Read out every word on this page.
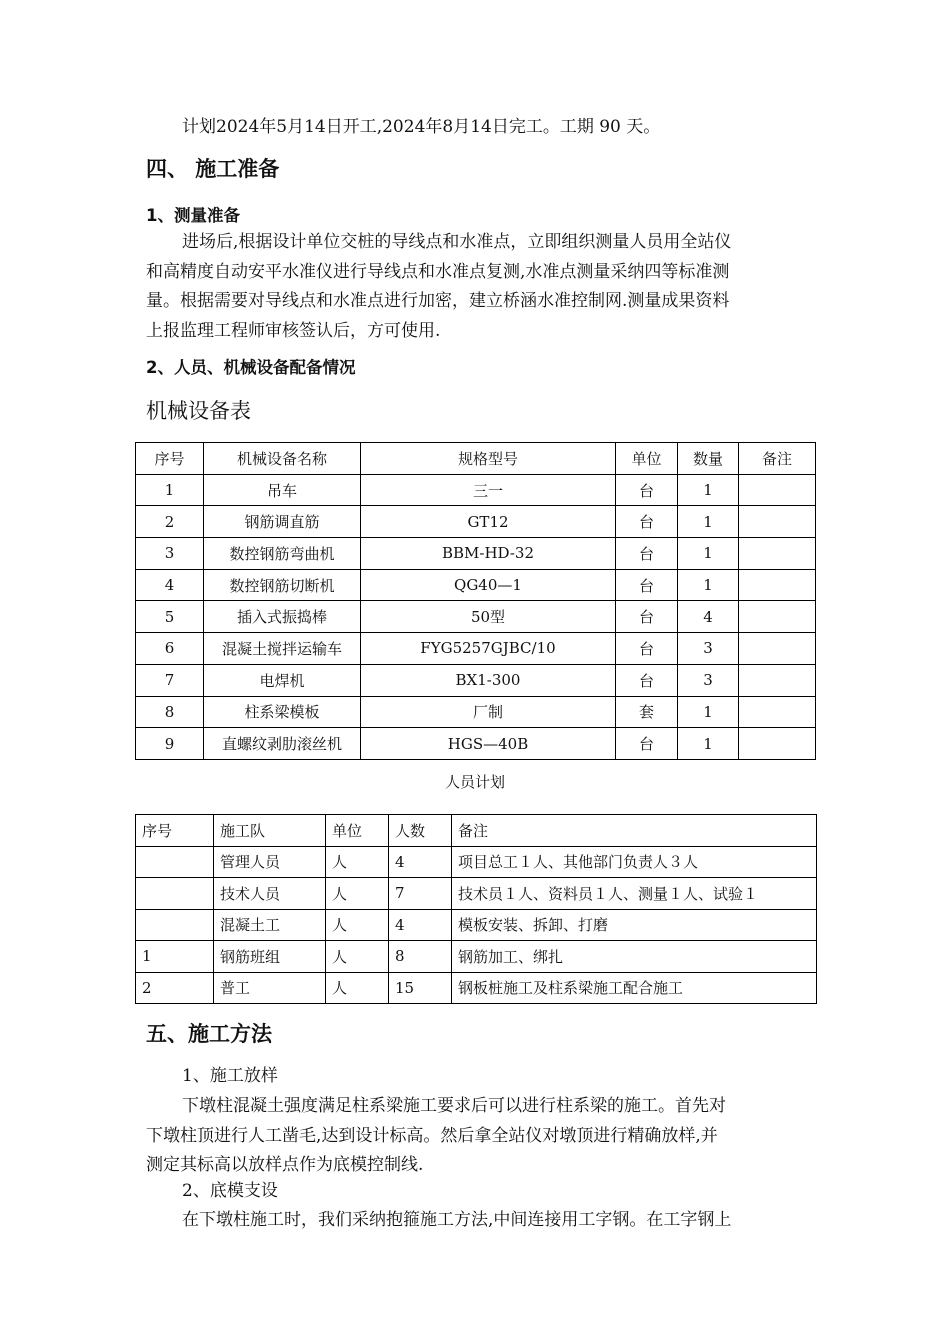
计划2024年5月14日开工,2024年8月14日完工。工期 90 天。

四、 施工准备
1、测量准备
进场后,根据设计单位交桩的导线点和水准点，立即组织测量人员用全站仪
和高精度自动安平水准仪进行导线点和水准点复测,水准点测量采纳四等标准测
量。根据需要对导线点和水准点进行加密，建立桥涵水准控制网.测量成果资料
上报监理工程师审核签认后，方可使用.
2、人员、机械设备配备情况

机械设备表

序号	机械设备名称	规格型号	单位	数量	备注
1	吊车	三一	台	1	
2	钢筋调直筋	GT12	台	1	
3	数控钢筋弯曲机	BBM-HD-32	台	1	
4	数控钢筋切断机	QG40—1	台	1	
5	插入式振捣棒	50型	台	4	
6	混凝土搅拌运输车	FYG5257GJBC/10	台	3	
7	电焊机	BX1-300	台	3	
8	柱系梁模板	厂制	套	1	
9	直螺纹剥肋滚丝机	HGS—40B	台	1	

人员计划

序号	施工队	单位	人数	备注
	管理人员	人	4	项目总工１人、其他部门负责人３人
	技术人员	人	7	技术员１人、资料员１人、测量１人、试验１
	混凝土工	人	4	模板安装、拆卸、打磨
1	钢筋班组	人	8	钢筋加工、绑扎
2	普工	人	15	钢板桩施工及柱系梁施工配合施工
五、施工方法

1、施工放样

下墩柱混凝土强度满足柱系梁施工要求后可以进行柱系梁的施工。首先对
下墩柱顶进行人工凿毛,达到设计标高。然后拿全站仪对墩顶进行精确放样,并
测定其标高以放样点作为底模控制线.

2、底模支设

在下墩柱施工时，我们采纳抱箍施工方法,中间连接用工字钢。在工字钢上
